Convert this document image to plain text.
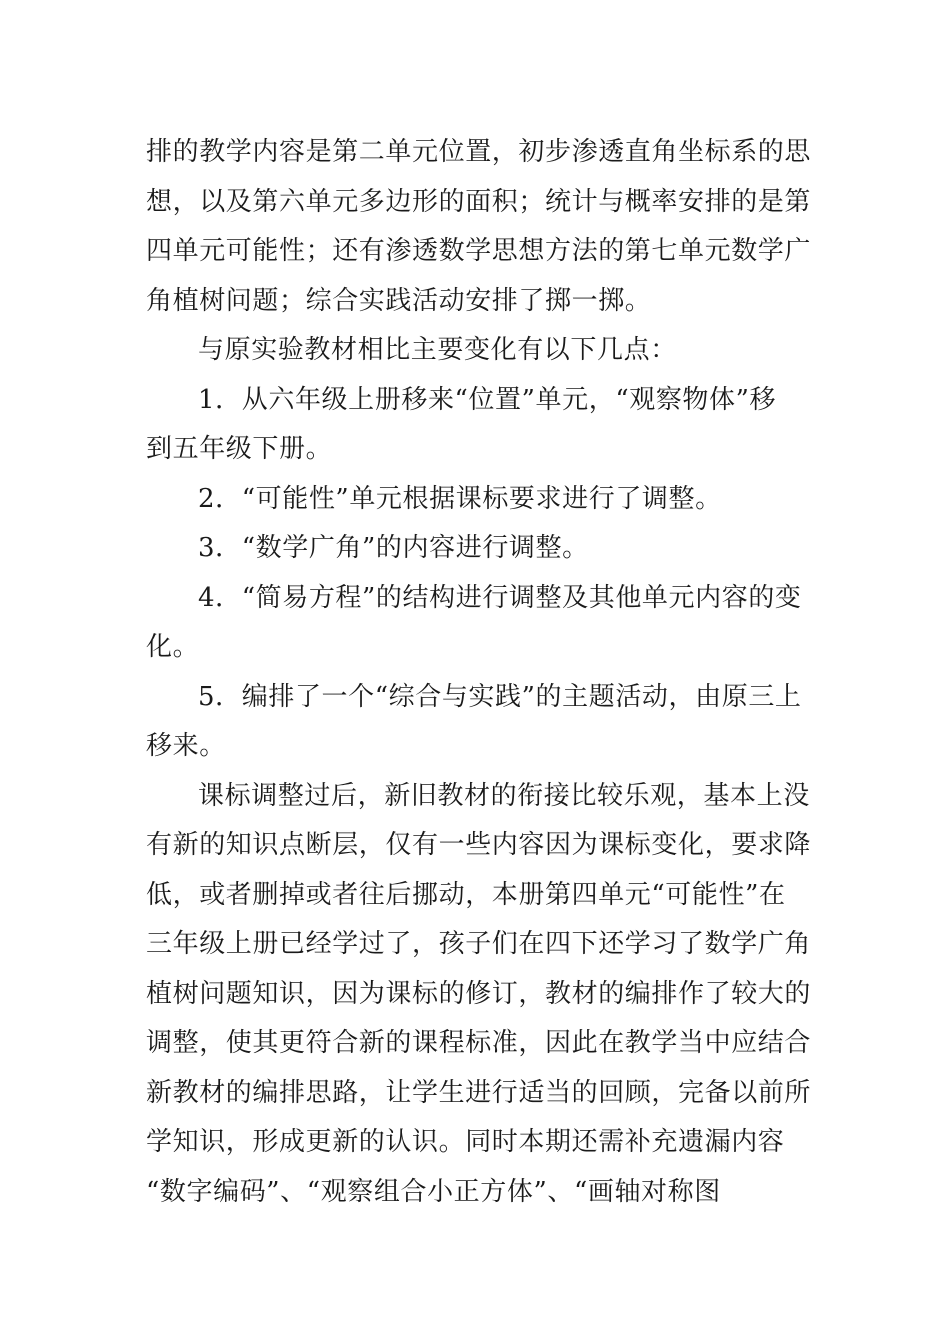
排的教学内容是第二单元位置，初步渗透直角坐标系的思
想，以及第六单元多边形的面积；统计与概率安排的是第
四单元可能性；还有渗透数学思想方法的第七单元数学广
角植树问题；综合实践活动安排了掷一掷。
与原实验教材相比主要变化有以下几点：
1．从六年级上册移来“位置”单元，“观察物体”移
到五年级下册。
2．“可能性”单元根据课标要求进行了调整。
3．“数学广角”的内容进行调整。
4．“简易方程”的结构进行调整及其他单元内容的变
化。
5．编排了一个“综合与实践”的主题活动，由原三上
移来。
课标调整过后，新旧教材的衔接比较乐观，基本上没
有新的知识点断层，仅有一些内容因为课标变化，要求降
低，或者删掉或者往后挪动，本册第四单元“可能性”在
三年级上册已经学过了，孩子们在四下还学习了数学广角
植树问题知识，因为课标的修订，教材的编排作了较大的
调整，使其更符合新的课程标准，因此在教学当中应结合
新教材的编排思路，让学生进行适当的回顾，完备以前所
学知识，形成更新的认识。同时本期还需补充遗漏内容
“数字编码”、“观察组合小正方体”、“画轴对称图
